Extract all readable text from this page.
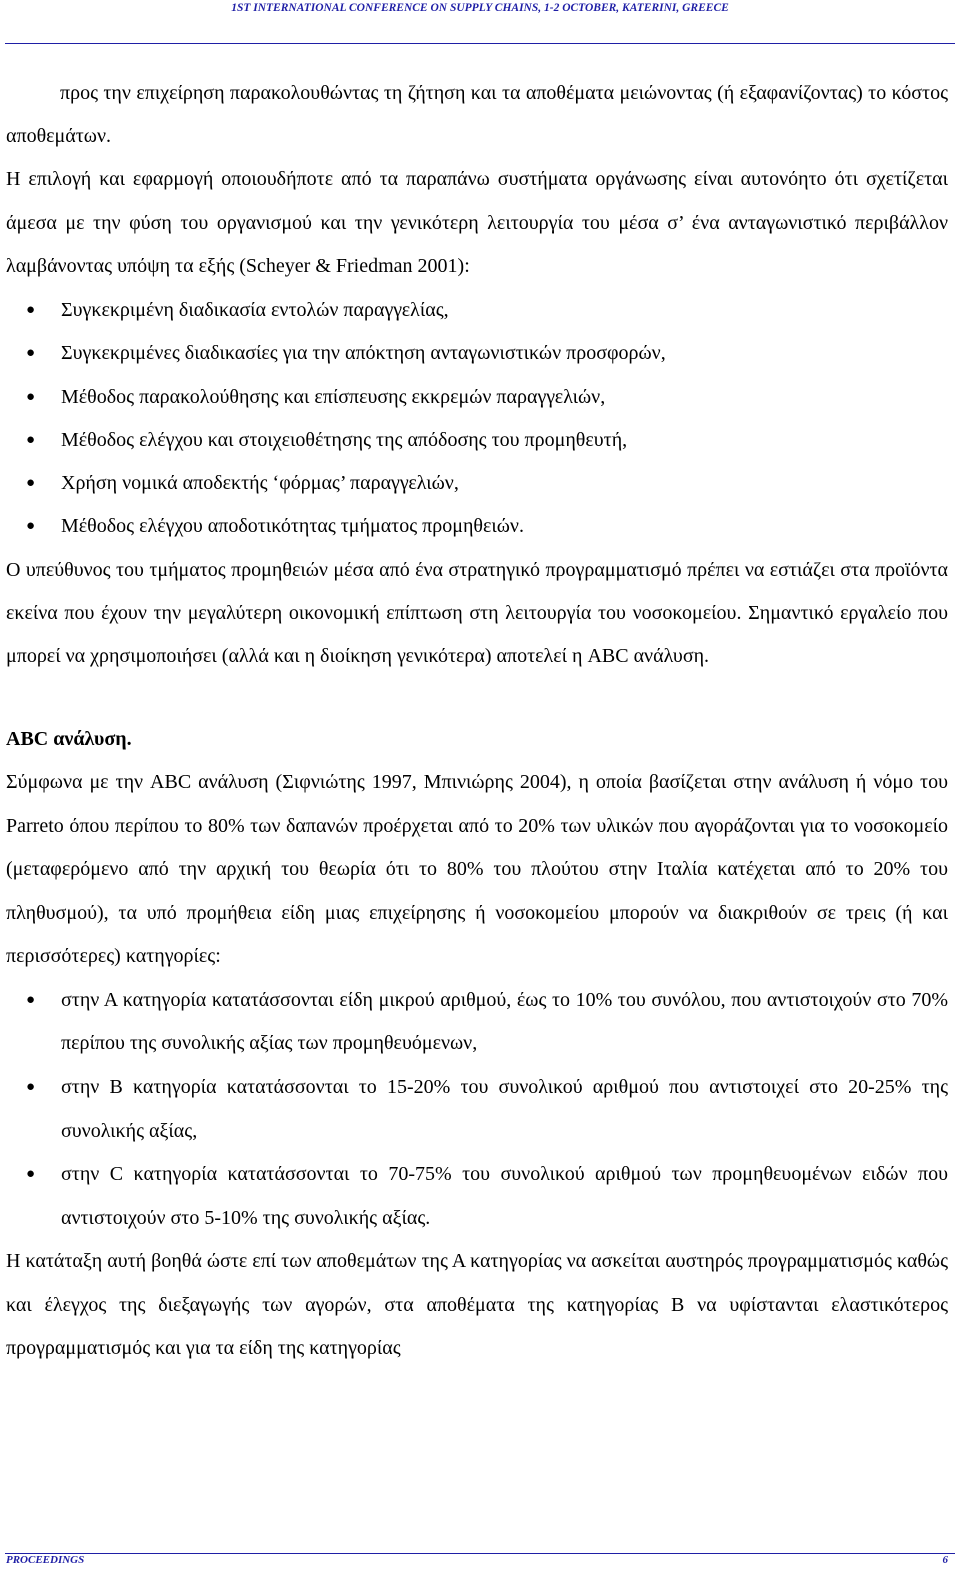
1ST INTERNATIONAL CONFERENCE ON SUPPLY CHAINS, 1-2 OCTOBER, KATERINI, GREECE

προς την επιχείρηση παρακολουθώντας τη ζήτηση και τα αποθέματα μειώνοντας (ή εξαφανίζοντας) το κόστος αποθεμάτων.

Η επιλογή και εφαρμογή οποιουδήποτε από τα παραπάνω συστήματα οργάνωσης είναι αυτονόητο ότι σχετίζεται άμεσα με την φύση του οργανισμού και την γενικότερη λειτουργία του μέσα σ’ ένα ανταγωνιστικό περιβάλλον λαμβάνοντας υπόψη τα εξής (Scheyer & Friedman 2001):

● Συγκεκριμένη διαδικασία εντολών παραγγελίας,
● Συγκεκριμένες διαδικασίες για την απόκτηση ανταγωνιστικών προσφορών,
● Μέθοδος παρακολούθησης και επίσπευσης εκκρεμών παραγγελιών,
● Μέθοδος ελέγχου και στοιχειοθέτησης της απόδοσης του προμηθευτή,
● Χρήση νομικά αποδεκτής ‘φόρμας’ παραγγελιών,
● Μέθοδος ελέγχου αποδοτικότητας τμήματος προμηθειών.

Ο υπεύθυνος του τμήματος προμηθειών μέσα από ένα στρατηγικό προγραμματισμό πρέπει να εστιάζει στα προϊόντα εκείνα που έχουν την μεγαλύτερη οικονομική επίπτωση στη λειτουργία του νοσοκομείου. Σημαντικό εργαλείο που μπορεί να χρησιμοποιήσει (αλλά και η διοίκηση γενικότερα) αποτελεί η ABC ανάλυση.

ABC ανάλυση.

Σύμφωνα με την ABC ανάλυση (Σιφνιώτης 1997, Μπινιώρης 2004), η οποία βασίζεται στην ανάλυση ή νόμο του Parreto όπου περίπου το 80% των δαπανών προέρχεται από το 20% των υλικών που αγοράζονται για το νοσοκομείο (μεταφερόμενο από την αρχική του θεωρία ότι το 80% του πλούτου στην Ιταλία κατέχεται από το 20% του πληθυσμού), τα υπό προμήθεια είδη μιας επιχείρησης ή νοσοκομείου μπορούν να διακριθούν σε τρεις (ή και περισσότερες) κατηγορίες:

● στην Α κατηγορία κατατάσσονται είδη μικρού αριθμού, έως το 10% του συνόλου, που αντιστοιχούν στο 70% περίπου της συνολικής αξίας των προμηθευόμενων,
● στην Β κατηγορία κατατάσσονται το 15-20% του συνολικού αριθμού που αντιστοιχεί στο 20-25% της συνολικής αξίας,
● στην C κατηγορία κατατάσσονται το 70-75% του συνολικού αριθμού των προμηθευομένων ειδών που αντιστοιχούν στο 5-10% της συνολικής αξίας.

Η κατάταξη αυτή βοηθά ώστε επί των αποθεμάτων της Α κατηγορίας να ασκείται αυστηρός προγραμματισμός καθώς και έλεγχος της διεξαγωγής των αγορών, στα αποθέματα της κατηγορίας Β να υφίστανται ελαστικότερος προγραμματισμός και για τα είδη της κατηγορίας

PROCEEDINGS	6
